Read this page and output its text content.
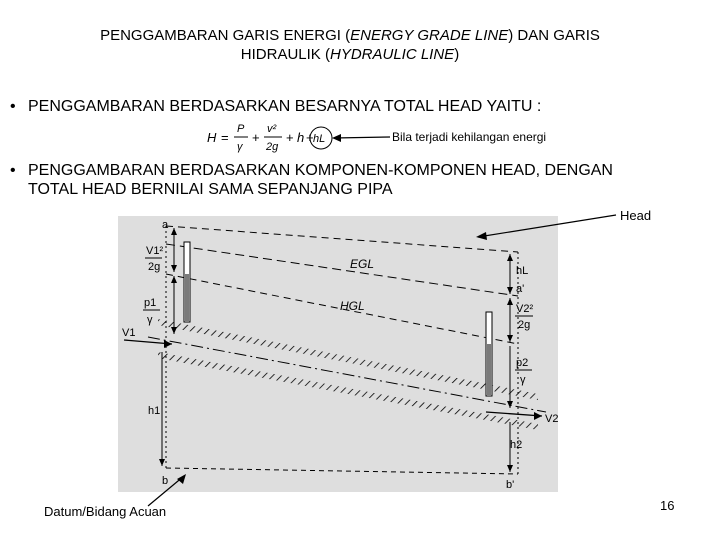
PENGGAMBARAN GARIS ENERGI (ENERGY GRADE LINE) DAN GARIS
HIDRAULIK (HYDRAULIC LINE)
• PENGGAMBARAN BERDASARKAN BESARNYA TOTAL HEAD YAITU :
H =
P
γ
+
v²
2g
+ h + hL	Bila terjadi kehilangan energi
• PENGGAMBARAN BERDASARKAN KOMPONEN-KOMPONEN HEAD, DENGAN
TOTAL HEAD BERNILAI SAMA SEPANJANG PIPA
Head
a
V1²
2g
p1
γ
V1
h1
b
EGL
HGL
hL
a'
V2²
2g
p2
γ
V2
h2
b'
Datum/Bidang Acuan	16
